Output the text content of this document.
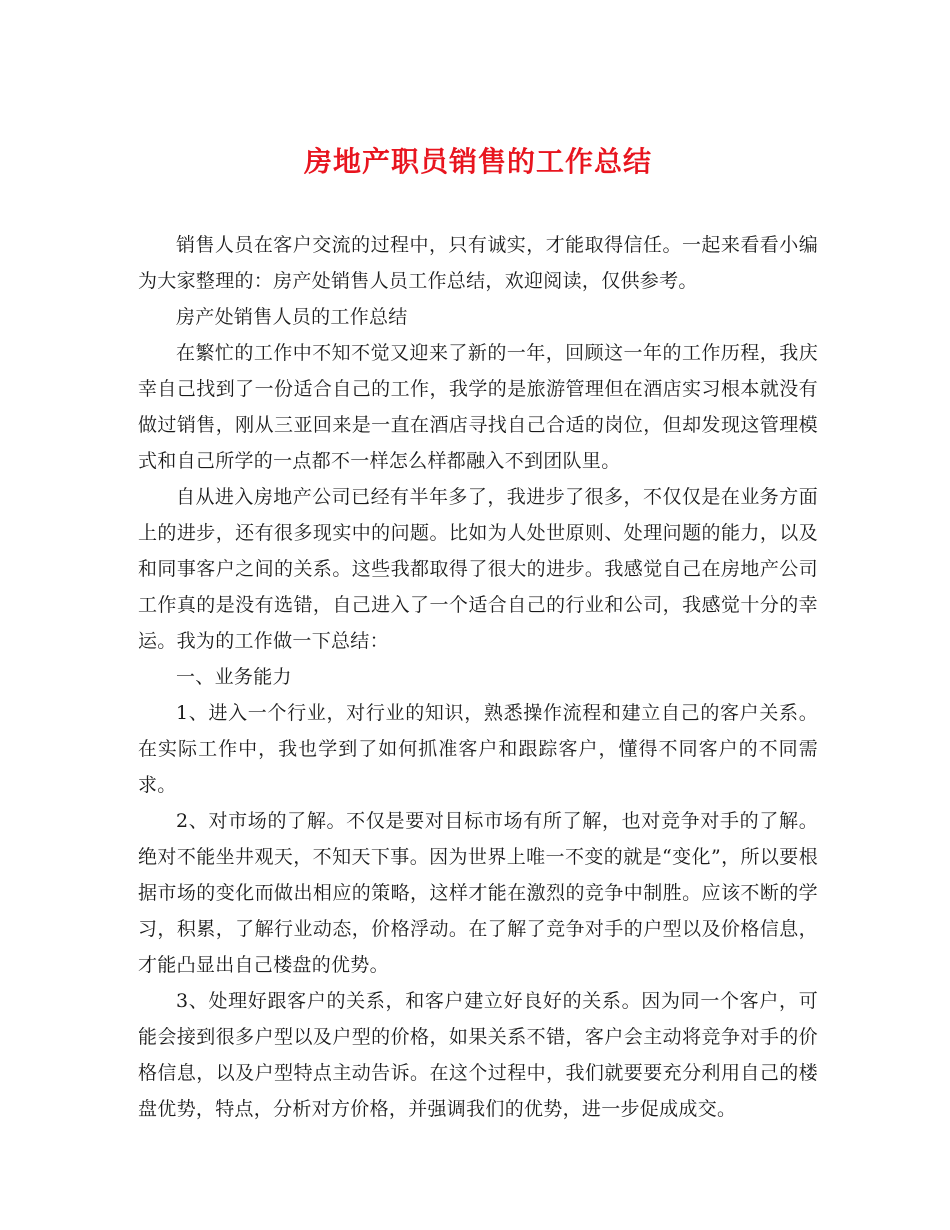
房地产职员销售的工作总结

销售人员在客户交流的过程中，只有诚实，才能取得信任。一起来看看小编为大家整理的：房产处销售人员工作总结，欢迎阅读，仅供参考。

房产处销售人员的工作总结

在繁忙的工作中不知不觉又迎来了新的一年，回顾这一年的工作历程，我庆幸自己找到了一份适合自己的工作，我学的是旅游管理但在酒店实习根本就没有做过销售，刚从三亚回来是一直在酒店寻找自己合适的岗位，但却发现这管理模式和自己所学的一点都不一样怎么样都融入不到团队里。

自从进入房地产公司已经有半年多了，我进步了很多，不仅仅是在业务方面上的进步，还有很多现实中的问题。比如为人处世原则、处理问题的能力，以及和同事客户之间的关系。这些我都取得了很大的进步。我感觉自己在房地产公司工作真的是没有选错，自己进入了一个适合自己的行业和公司，我感觉十分的幸运。我为的工作做一下总结：

一、业务能力

1、进入一个行业，对行业的知识，熟悉操作流程和建立自己的客户关系。在实际工作中，我也学到了如何抓准客户和跟踪客户，懂得不同客户的不同需求。

2、对市场的了解。不仅是要对目标市场有所了解，也对竞争对手的了解。绝对不能坐井观天，不知天下事。因为世界上唯一不变的就是“变化”，所以要根据市场的变化而做出相应的策略，这样才能在激烈的竞争中制胜。应该不断的学习，积累，了解行业动态，价格浮动。在了解了竞争对手的户型以及价格信息，才能凸显出自己楼盘的优势。

3、处理好跟客户的关系，和客户建立好良好的关系。因为同一个客户，可能会接到很多户型以及户型的价格，如果关系不错，客户会主动将竞争对手的价格信息，以及户型特点主动告诉。在这个过程中，我们就要要充分利用自己的楼盘优势，特点，分析对方价格，并强调我们的优势，进一步促成成交。
